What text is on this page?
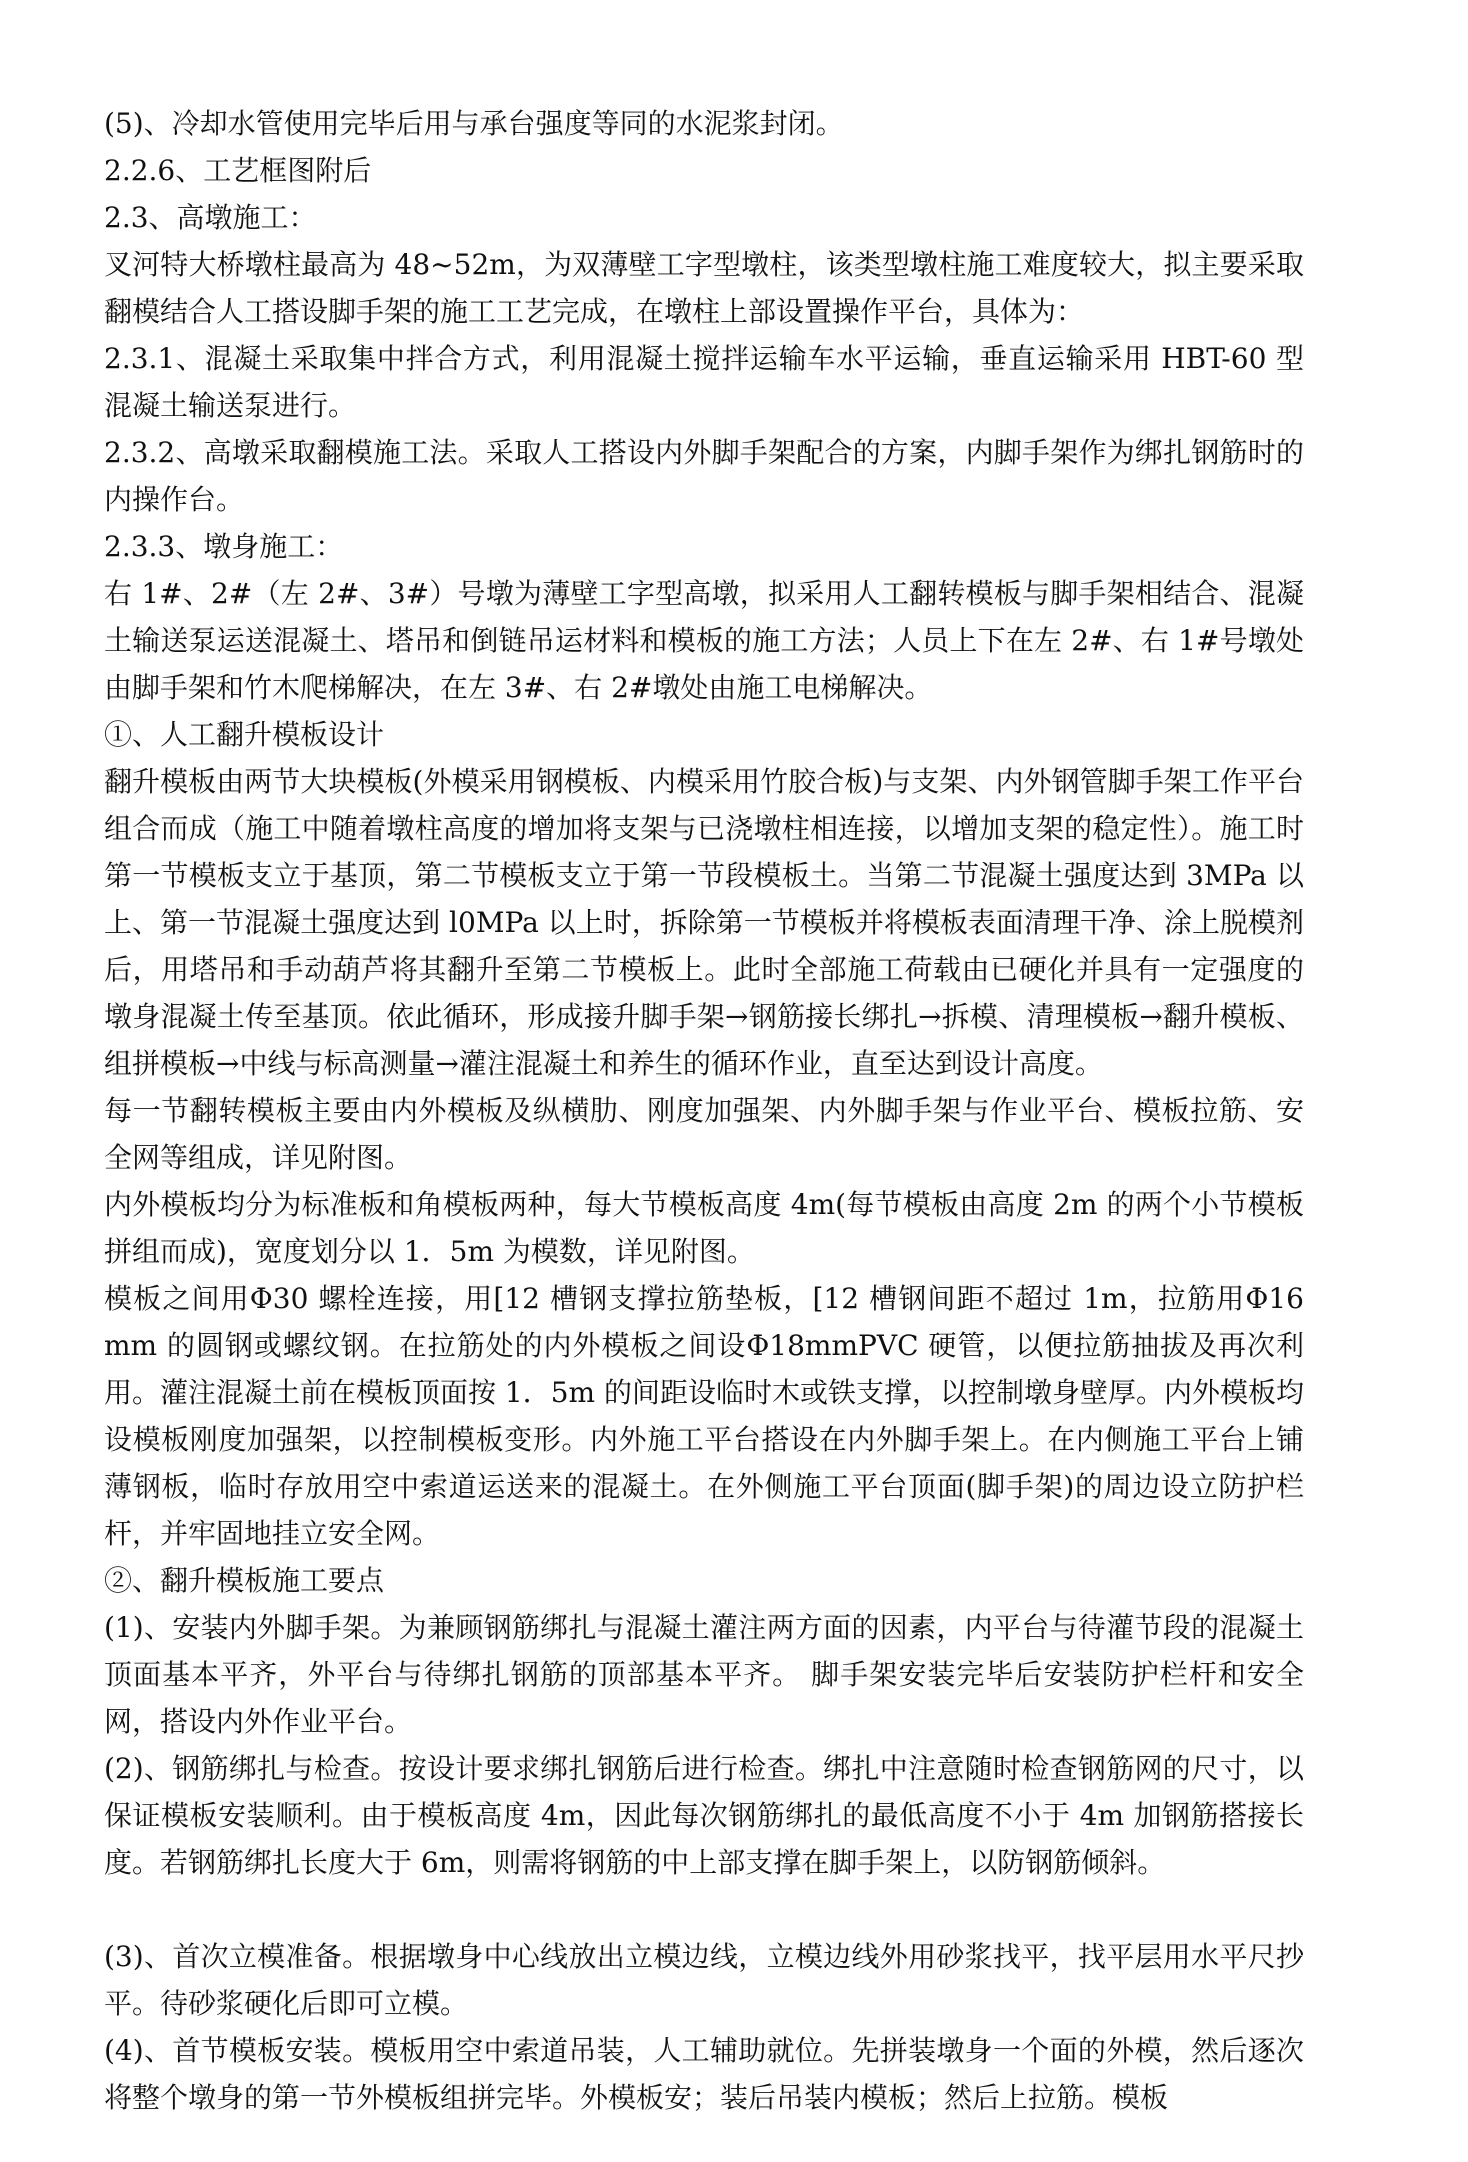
(5)、冷却水管使用完毕后用与承台强度等同的水泥浆封闭。

2.2.6、工艺框图附后

2.3、高墩施工：

叉河特大桥墩柱最高为 48~52m，为双薄壁工字型墩柱，该类型墩柱施工难度较大，拟主要采取翻模结合人工搭设脚手架的施工工艺完成，在墩柱上部设置操作平台，具体为：

2.3.1、混凝土采取集中拌合方式，利用混凝土搅拌运输车水平运输，垂直运输采用 HBT-60 型混凝土输送泵进行。

2.3.2、高墩采取翻模施工法。采取人工搭设内外脚手架配合的方案，内脚手架作为绑扎钢筋时的内操作台。

2.3.3、墩身施工：

右 1#、2#（左 2#、3#）号墩为薄壁工字型高墩，拟采用人工翻转模板与脚手架相结合、混凝土输送泵运送混凝土、塔吊和倒链吊运材料和模板的施工方法；人员上下在左 2#、右 1#号墩处由脚手架和竹木爬梯解决，在左 3#、右 2#墩处由施工电梯解决。

①、人工翻升模板设计

翻升模板由两节大块模板(外模采用钢模板、内模采用竹胶合板)与支架、内外钢管脚手架工作平台组合而成（施工中随着墩柱高度的增加将支架与已浇墩柱相连接，以增加支架的稳定性）。施工时第一节模板支立于基顶，第二节模板支立于第一节段模板土。当第二节混凝土强度达到 3MPa 以上、第一节混凝土强度达到 l0MPa 以上时，拆除第一节模板并将模板表面清理干净、涂上脱模剂后，用塔吊和手动葫芦将其翻升至第二节模板上。此时全部施工荷载由已硬化并具有一定强度的墩身混凝土传至基顶。依此循环，形成接升脚手架→钢筋接长绑扎→拆模、清理模板→翻升模板、组拼模板→中线与标高测量→灌注混凝土和养生的循环作业，直至达到设计高度。

每一节翻转模板主要由内外模板及纵横肋、刚度加强架、内外脚手架与作业平台、模板拉筋、安全网等组成，详见附图。

内外模板均分为标准板和角模板两种，每大节模板高度 4m(每节模板由高度 2m 的两个小节模板拼组而成)，宽度划分以 1．5m 为模数，详见附图。

模板之间用Φ30 螺栓连接，用[12 槽钢支撑拉筋垫板，[12 槽钢间距不超过 1m，拉筋用Φ16 mm 的圆钢或螺纹钢。在拉筋处的内外模板之间设Φ18mmPVC 硬管，以便拉筋抽拔及再次利用。灌注混凝土前在模板顶面按 1．5m 的间距设临时木或铁支撑，以控制墩身壁厚。内外模板均设模板刚度加强架，以控制模板变形。内外施工平台搭设在内外脚手架上。在内侧施工平台上铺薄钢板，临时存放用空中索道运送来的混凝土。在外侧施工平台顶面(脚手架)的周边设立防护栏杆，并牢固地挂立安全网。

②、翻升模板施工要点

(1)、安装内外脚手架。为兼顾钢筋绑扎与混凝土灌注两方面的因素，内平台与待灌节段的混凝土顶面基本平齐，外平台与待绑扎钢筋的顶部基本平齐。 脚手架安装完毕后安装防护栏杆和安全网，搭设内外作业平台。

(2)、钢筋绑扎与检查。按设计要求绑扎钢筋后进行检查。绑扎中注意随时检查钢筋网的尺寸，以保证模板安装顺利。由于模板高度 4m，因此每次钢筋绑扎的最低高度不小于 4m 加钢筋搭接长度。若钢筋绑扎长度大于 6m，则需将钢筋的中上部支撑在脚手架上，以防钢筋倾斜。

(3)、首次立模准备。根据墩身中心线放出立模边线，立模边线外用砂浆找平，找平层用水平尺抄平。待砂浆硬化后即可立模。

(4)、首节模板安装。模板用空中索道吊装，人工辅助就位。先拼装墩身一个面的外模，然后逐次将整个墩身的第一节外模板组拼完毕。外模板安；装后吊装内模板；然后上拉筋。模板
